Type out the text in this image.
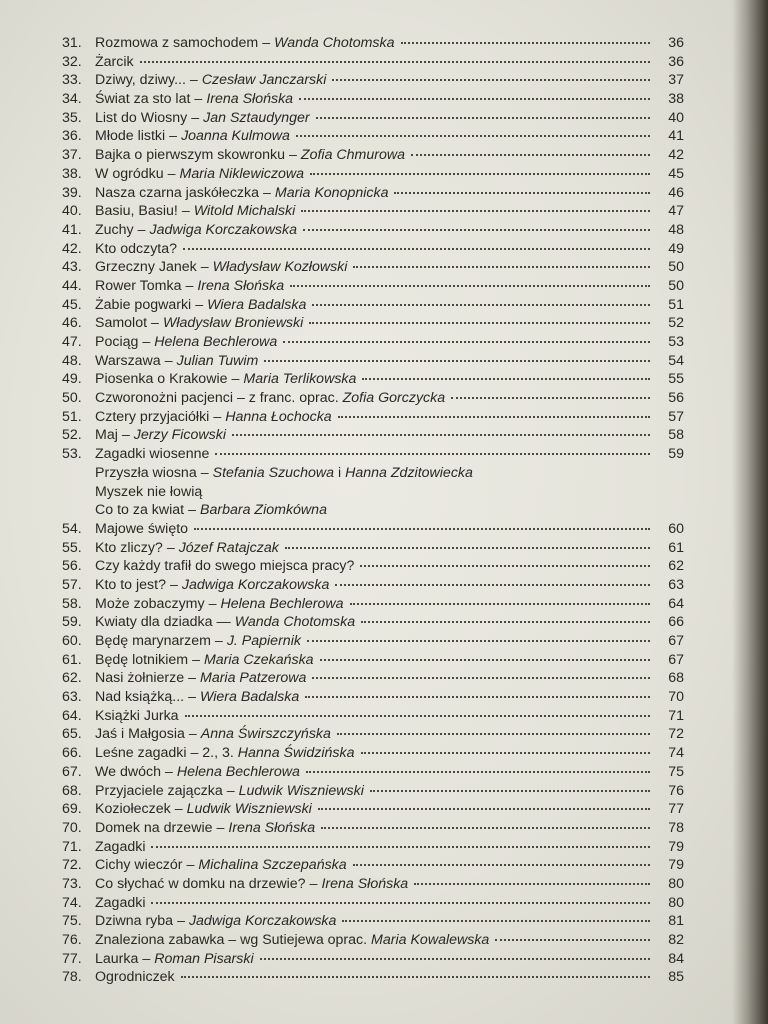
31. Rozmowa z samochodem – Wanda Chotomska	36
32. Żarcik	36
33. Dziwy, dziwy... – Czesław Janczarski	37
34. Świat za sto lat – Irena Słońska	38
35. List do Wiosny – Jan Sztaudynger	40
36. Młode listki – Joanna Kulmowa	41
37. Bajka o pierwszym skowronku – Zofia Chmurowa	42
38. W ogródku – Maria Niklewiczowa	45
39. Nasza czarna jaskółeczka – Maria Konopnicka	46
40. Basiu, Basiu! – Witold Michalski	47
41. Zuchy – Jadwiga Korczakowska	48
42. Kto odczyta?	49
43. Grzeczny Janek – Władysław Kozłowski	50
44. Rower Tomka – Irena Słońska	50
45. Żabie pogwarki – Wiera Badalska	51
46. Samolot – Władysław Broniewski	52
47. Pociąg – Helena Bechlerowa	53
48. Warszawa – Julian Tuwim	54
49. Piosenka o Krakowie – Maria Terlikowska	55
50. Czworonożni pacjenci – z franc. oprac. Zofia Gorczycka	56
51. Cztery przyjaciółki – Hanna Łochocka	57
52. Maj – Jerzy Ficowski	58
53. Zagadki wiosenne	59
Przyszła wiosna – Stefania Szuchowa i Hanna Zdzitowiecka
Myszek nie łowią
Co to za kwiat – Barbara Ziomkówna
54. Majowe święto	60
55. Kto zliczy? – Józef Ratajczak	61
56. Czy każdy trafił do swego miejsca pracy?	62
57. Kto to jest? – Jadwiga Korczakowska	63
58. Może zobaczymy – Helena Bechlerowa	64
59. Kwiaty dla dziadka — Wanda Chotomska	66
60. Będę marynarzem – J. Papiernik	67
61. Będę lotnikiem – Maria Czekańska	67
62. Nasi żołnierze – Maria Patzerowa	68
63. Nad książką... – Wiera Badalska	70
64. Książki Jurka	71
65. Jaś i Małgosia – Anna Świrszczyńska	72
66. Leśne zagadki – 2., 3. Hanna Świdzińska	74
67. We dwóch – Helena Bechlerowa	75
68. Przyjaciele zajączka – Ludwik Wiszniewski	76
69. Koziołeczek – Ludwik Wiszniewski	77
70. Domek na drzewie – Irena Słońska	78
71. Zagadki	79
72. Cichy wieczór – Michalina Szczepańska	79
73. Co słychać w domku na drzewie? – Irena Słońska	80
74. Zagadki	80
75. Dziwna ryba – Jadwiga Korczakowska	81
76. Znaleziona zabawka – wg Sutiejewa oprac. Maria Kowalewska	82
77. Laurka – Roman Pisarski	84
78. Ogrodniczek	85
